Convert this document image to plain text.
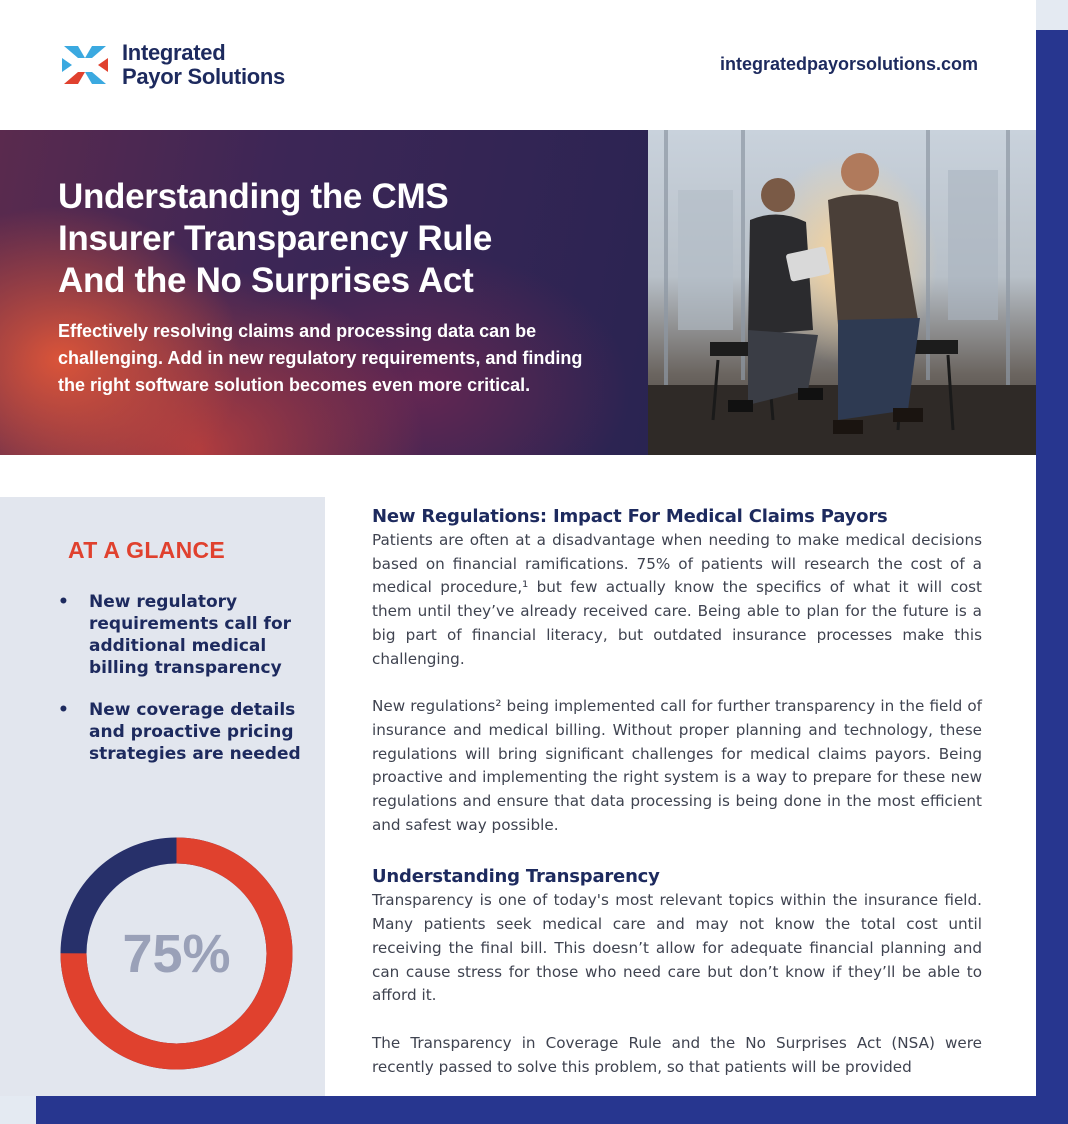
Integrated
Payor Solutions	integratedpayorsolutions.com
Understanding the CMS
Insurer Transparency Rule
And the No Surprises Act

Effectively resolving claims and processing data can be challenging. Add in new regulatory requirements, and finding the right software solution becomes even more critical.

AT A GLANCE
• New regulatory requirements call for additional medical billing transparency
• New coverage details and proactive pricing strategies are needed
75%
New Regulations: Impact For Medical Claims Payors

Patients are often at a disadvantage when needing to make medical decisions based on financial ramifications. 75% of patients will research the cost of a medical procedure,¹ but few actually know the specifics of what it will cost them until they’ve already received care. Being able to plan for the future is a big part of financial literacy, but outdated insurance processes make this challenging.

New regulations² being implemented call for further transparency in the field of insurance and medical billing. Without proper planning and technology, these regulations will bring significant challenges for medical claims payors. Being proactive and implementing the right system is a way to prepare for these new regulations and ensure that data processing is being done in the most efficient and safest way possible.

Understanding Transparency

Transparency is one of today's most relevant topics within the insurance field. Many patients seek medical care and may not know the total cost until receiving the final bill. This doesn’t allow for adequate financial planning and can cause stress for those who need care but don’t know if they’ll be able to afford it.

The Transparency in Coverage Rule and the No Surprises Act (NSA) were recently passed to solve this problem, so that patients will be provided
